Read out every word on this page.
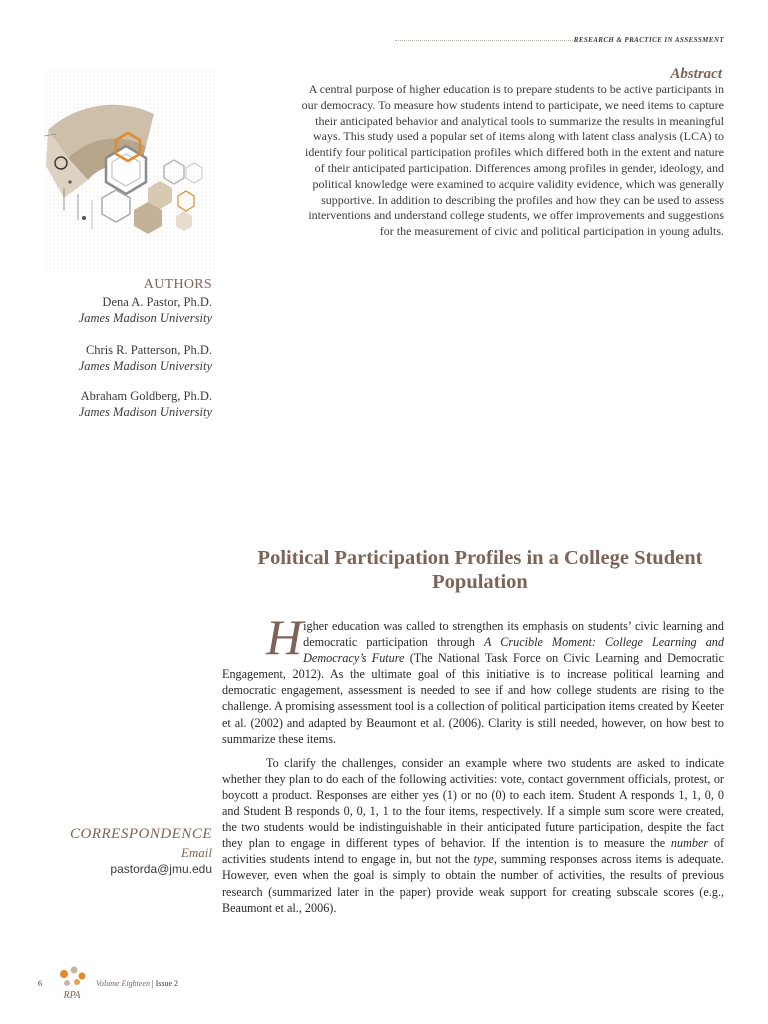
RESEARCH & PRACTICE IN ASSESSMENT
Abstract
A central purpose of higher education is to prepare students to be active participants in our democracy. To measure how students intend to participate, we need items to capture their anticipated behavior and analytical tools to summarize the results in meaningful ways. This study used a popular set of items along with latent class analysis (LCA) to identify four political participation profiles which differed both in the extent and nature of their anticipated participation. Differences among profiles in gender, ideology, and political knowledge were examined to acquire validity evidence, which was generally supportive. In addition to describing the profiles and how they can be used to assess interventions and understand college students, we offer improvements and suggestions for the measurement of civic and political participation in young adults.
AUTHORS
Dena A. Pastor, Ph.D.
James Madison University
Chris R. Patterson, Ph.D.
James Madison University
Abraham Goldberg, Ph.D.
James Madison University
CORRESPONDENCE
Email
pastorda@jmu.edu
Political Participation Profiles in a College Student Population

Higher education was called to strengthen its emphasis on students’ civic learning and democratic participation through A Crucible Moment: College Learning and Democracy’s Future (The National Task Force on Civic Learning and Democratic Engagement, 2012). As the ultimate goal of this initiative is to increase political learning and democratic engagement, assessment is needed to see if and how college students are rising to the challenge. A promising assessment tool is a collection of political participation items created by Keeter et al. (2002) and adapted by Beaumont et al. (2006). Clarity is still needed, however, on how best to summarize these items.

To clarify the challenges, consider an example where two students are asked to indicate whether they plan to do each of the following activities: vote, contact government officials, protest, or boycott a product. Responses are either yes (1) or no (0) to each item. Student A responds 1, 1, 0, 0 and Student B responds 0, 0, 1, 1 to the four items, respectively. If a simple sum score were created, the two students would be indistinguishable in their anticipated future participation, despite the fact they plan to engage in different types of behavior. If the intention is to measure the number of activities students intend to engage in, but not the type, summing responses across items is adequate. However, even when the goal is simply to obtain the number of activities, the results of previous research (summarized later in the paper) provide weak support for creating subscale scores (e.g., Beaumont et al., 2006).

6
RPA
Volume Eighteen | Issue 2
